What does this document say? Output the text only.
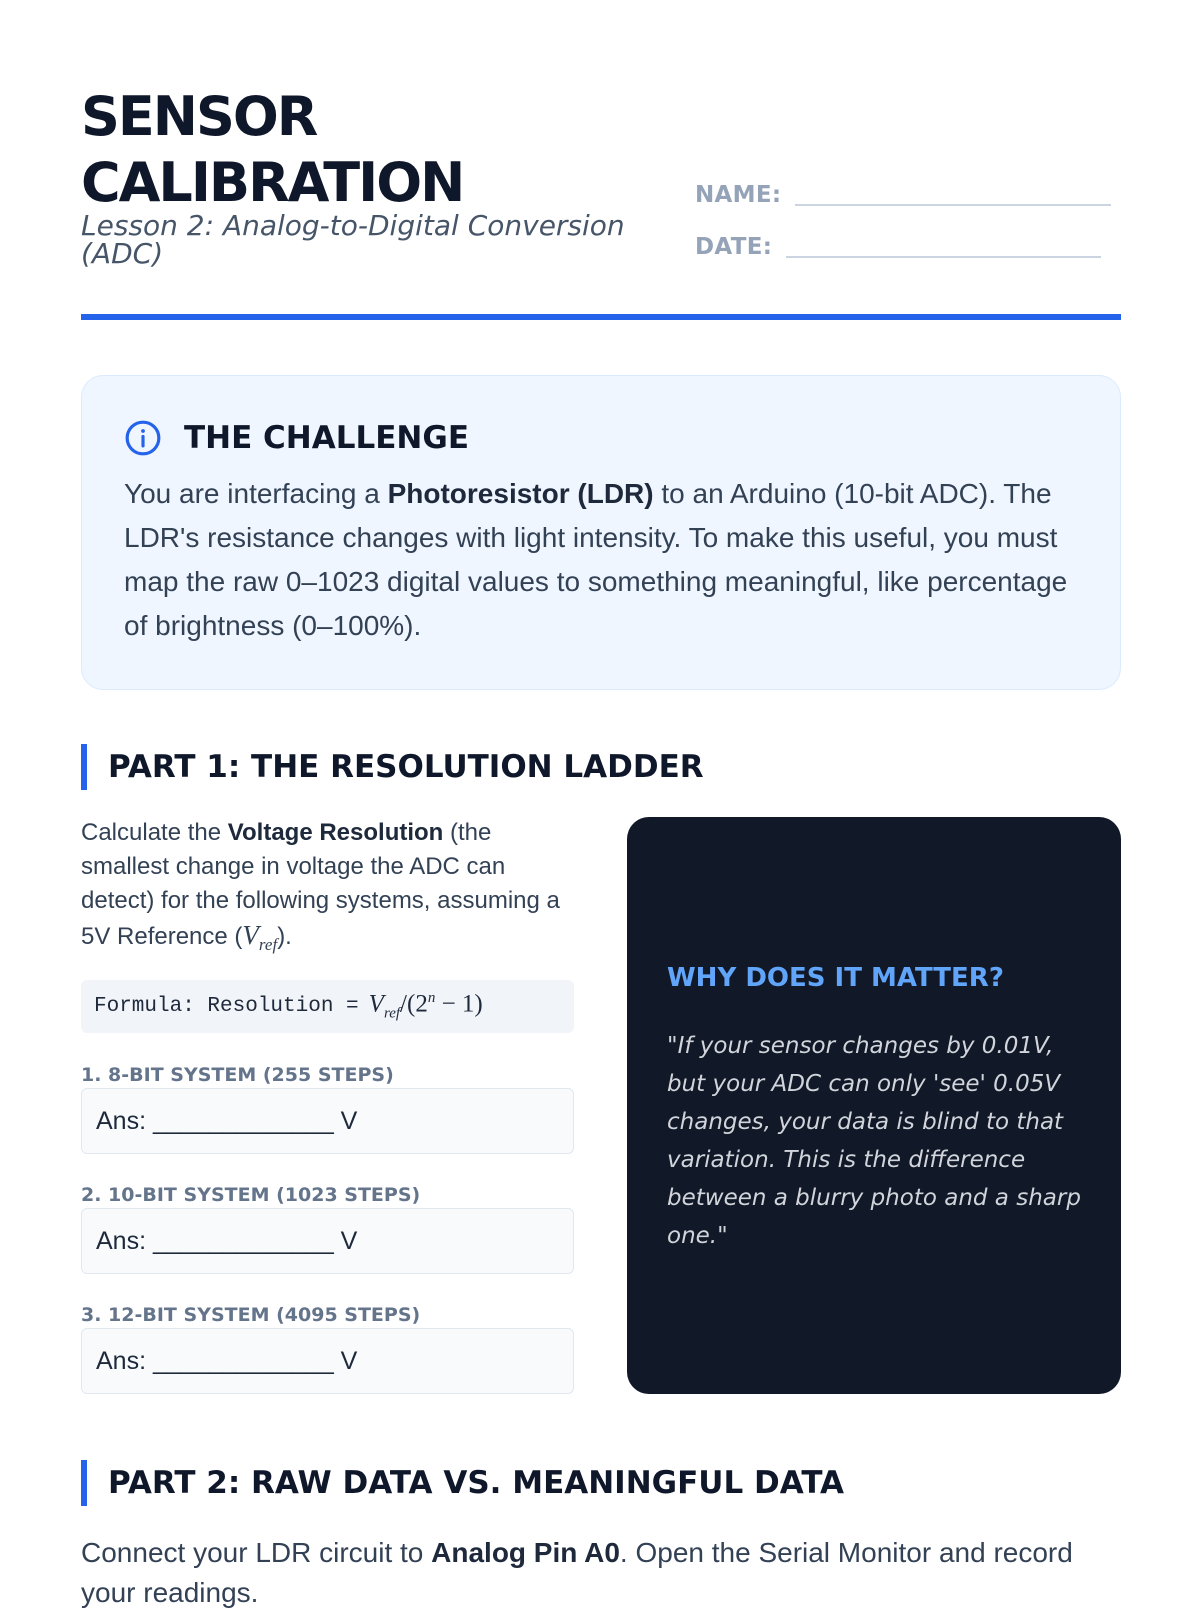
SENSOR
CALIBRATION
Lesson 2: Analog-to-Digital Conversion (ADC)
NAME:
DATE:
THE CHALLENGE
You are interfacing a Photoresistor (LDR) to an Arduino (10-bit ADC). The LDR's resistance changes with light intensity. To make this useful, you must map the raw 0–1023 digital values to something meaningful, like percentage of brightness (0–100%).
PART 1: THE RESOLUTION LADDER
Calculate the Voltage Resolution (the smallest change in voltage the ADC can detect) for the following systems, assuming a 5V Reference $(V_{ref})$.
Formula: Resolution = $V_{ref}/(2^n - 1)$
1. 8-BIT SYSTEM (255 STEPS)
Ans: _____________ V
2. 10-BIT SYSTEM (1023 STEPS)
Ans: _____________ V
3. 12-BIT SYSTEM (4095 STEPS)
Ans: _____________ V
WHY DOES IT MATTER?
"If your sensor changes by 0.01V, but your ADC can only 'see' 0.05V changes, your data is blind to that variation. This is the difference between a blurry photo and a sharp one."
PART 2: RAW DATA VS. MEANINGFUL DATA
Connect your LDR circuit to Analog Pin A0. Open the Serial Monitor and record your readings.
